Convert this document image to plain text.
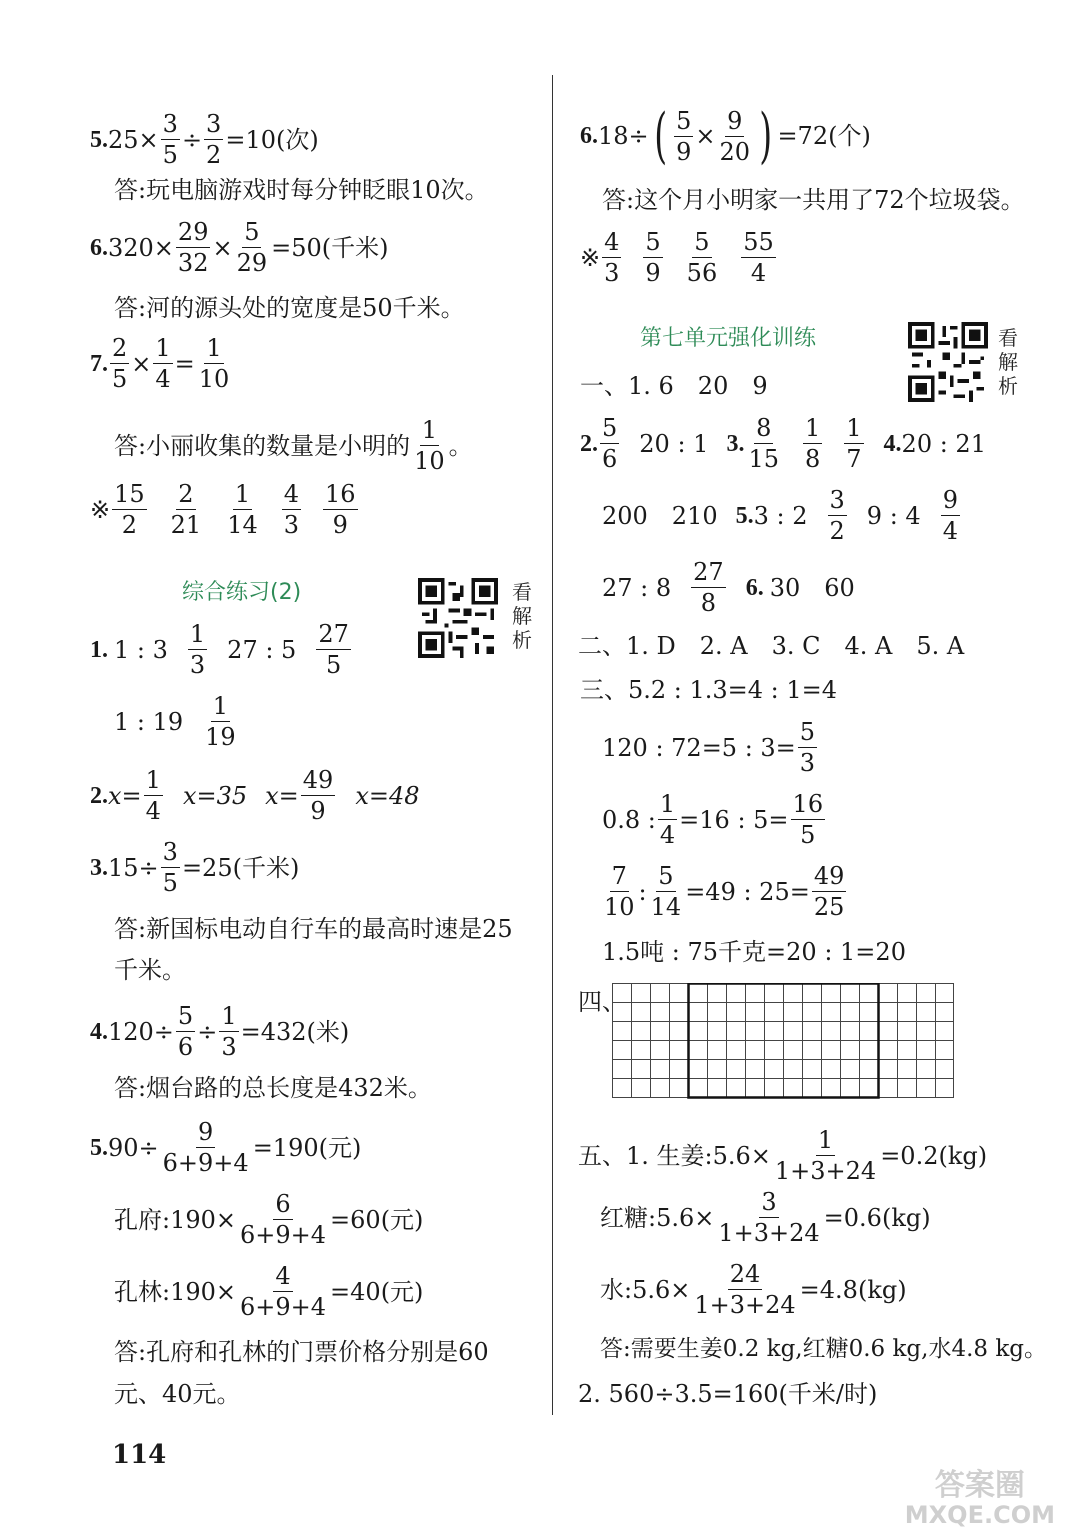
5. $25\times \frac{3}{5} \div \frac{3}{2} =10$(次)
答:玩电脑游戏时每分钟眨眼10次。
6. $320\times \frac{29}{32} \times \frac{5}{29} =50$(千米)
答:河的源头处的宽度是50千米。
7. $\frac{2}{5} \times \frac{1}{4} = \frac{1}{10}$
答:小丽收集的数量是小明的 $\frac{1}{10}$ 。
※ $\frac{15}{2} \frac{2}{21} \frac{1}{14} \frac{4}{3} \frac{16}{9}$
综合练习(2)	看解析
1. 1 : $3 \frac{1}{3} 27$ : $5 \frac{27}{5}$
1 : $19 \frac{1}{19}$
2. $x= \frac{1}{4} x=35$ $x= \frac{49}{9} x=48$
3. $15\div \frac{3}{5} =25$(千米)
答:新国标电动自行车的最高时速是25
千米。
4. $120\div \frac{5}{6} \div \frac{1}{3} =432$(米)
答:烟台路的总长度是432米。
5. $90\div \frac{9}{6+9+4} =190$(元)
孔府:190× $\frac{6}{6+9+4} =60$(元)
孔林:190× $\frac{4}{6+9+4} =40$(元)
答:孔府和孔林的门票价格分别是60
元、40元。
6. 18÷ ( $\frac{5}{9} \times \frac{9}{20}$ ) =72(个)
答:这个月小明家一共用了72个垃圾袋。
※ $\frac{4}{3} \frac{5}{9} \frac{5}{56} \frac{55}{4}$
第七单元强化训练	看解析
一、1. 6　20　9
2. $\frac{5}{6} 20$ : 1 3. $\frac{8}{15} \frac{1}{8} \frac{1}{7} 4$. 20 : 21
200　210 5. 3 : $2 \frac{3}{2} 9$ : $4 \frac{9}{4}$
27 : $8 \frac{27}{8} 6$. 30　60
二、1. D　2. A　3. C　4. A　5. A
三、5.2 : 1.3=4 : 1=4
120 : 72=5 : $3= \frac{5}{3}$
0.8 : $\frac{1}{4} =16$ : $5= \frac{16}{5}$
$\frac{7}{10}$ : $\frac{5}{14} =49$ : $25= \frac{49}{25}$
1.5吨 : 75千克=20 : 1=20
四、
五、1. 生姜:5.6× $\frac{1}{1+3+24} =0.2(kg)$
红糖:5.6× $\frac{3}{1+3+24} =0.6(kg)$
水:5.6× $\frac{24}{1+3+24} =4.8(kg)$
答:需要生姜0.2 kg,红糖0.6 kg,水4.8 kg。
2. 560÷3.5=160(千米/时)
114
答案圈
MXQE.COM
